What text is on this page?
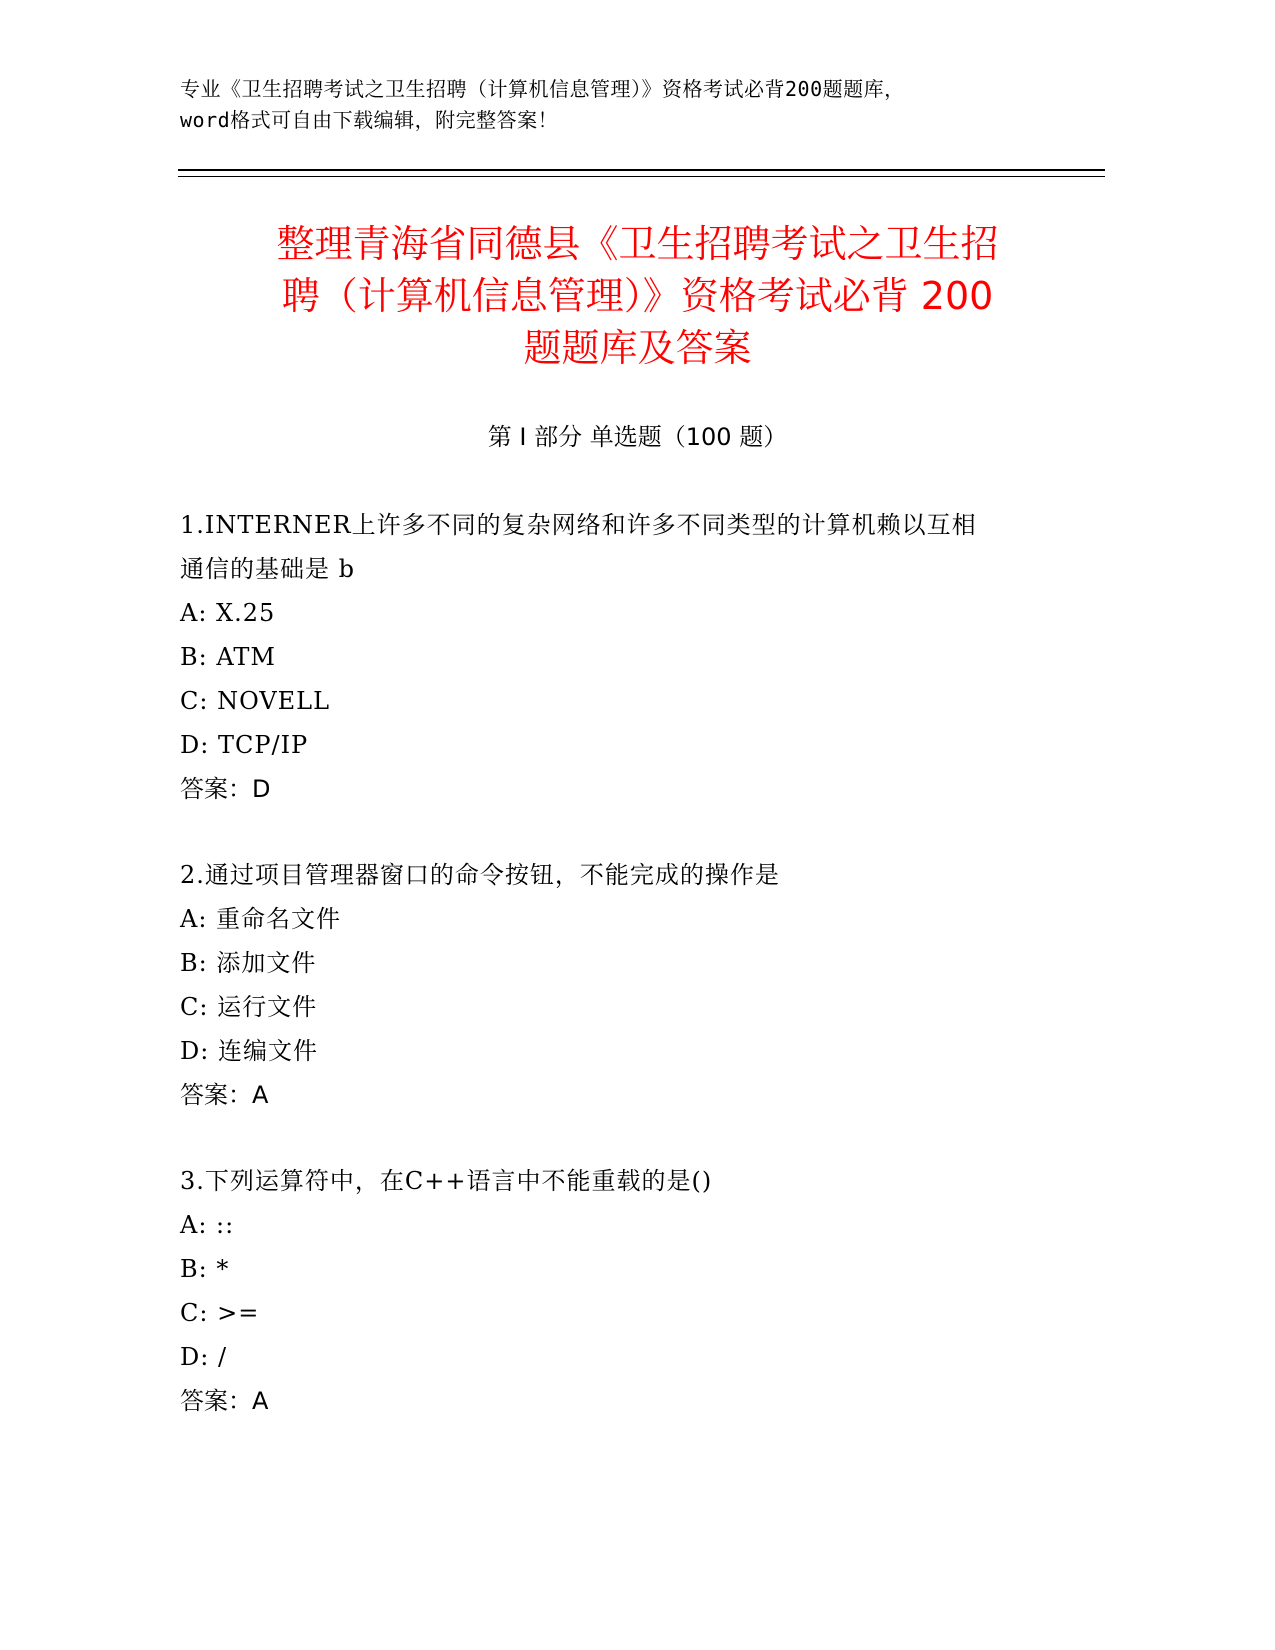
专业《卫生招聘考试之卫生招聘（计算机信息管理）》资格考试必背200题题库，
word格式可自由下载编辑，附完整答案！
整理青海省同德县《卫生招聘考试之卫生招
聘（计算机信息管理）》资格考试必背 200
题题库及答案
第 I 部分 单选题（100 题）
1.INTERNER上许多不同的复杂网络和许多不同类型的计算机赖以互相
通信的基础是 b
A: X.25
B: ATM
C: NOVELL
D: TCP/IP
答案：D
2.通过项目管理器窗口的命令按钮，不能完成的操作是
A: 重命名文件
B: 添加文件
C: 运行文件
D: 连编文件
答案：A
3.下列运算符中，在C++语言中不能重载的是()
A: ::
B: *
C: >=
D: /
答案：A
